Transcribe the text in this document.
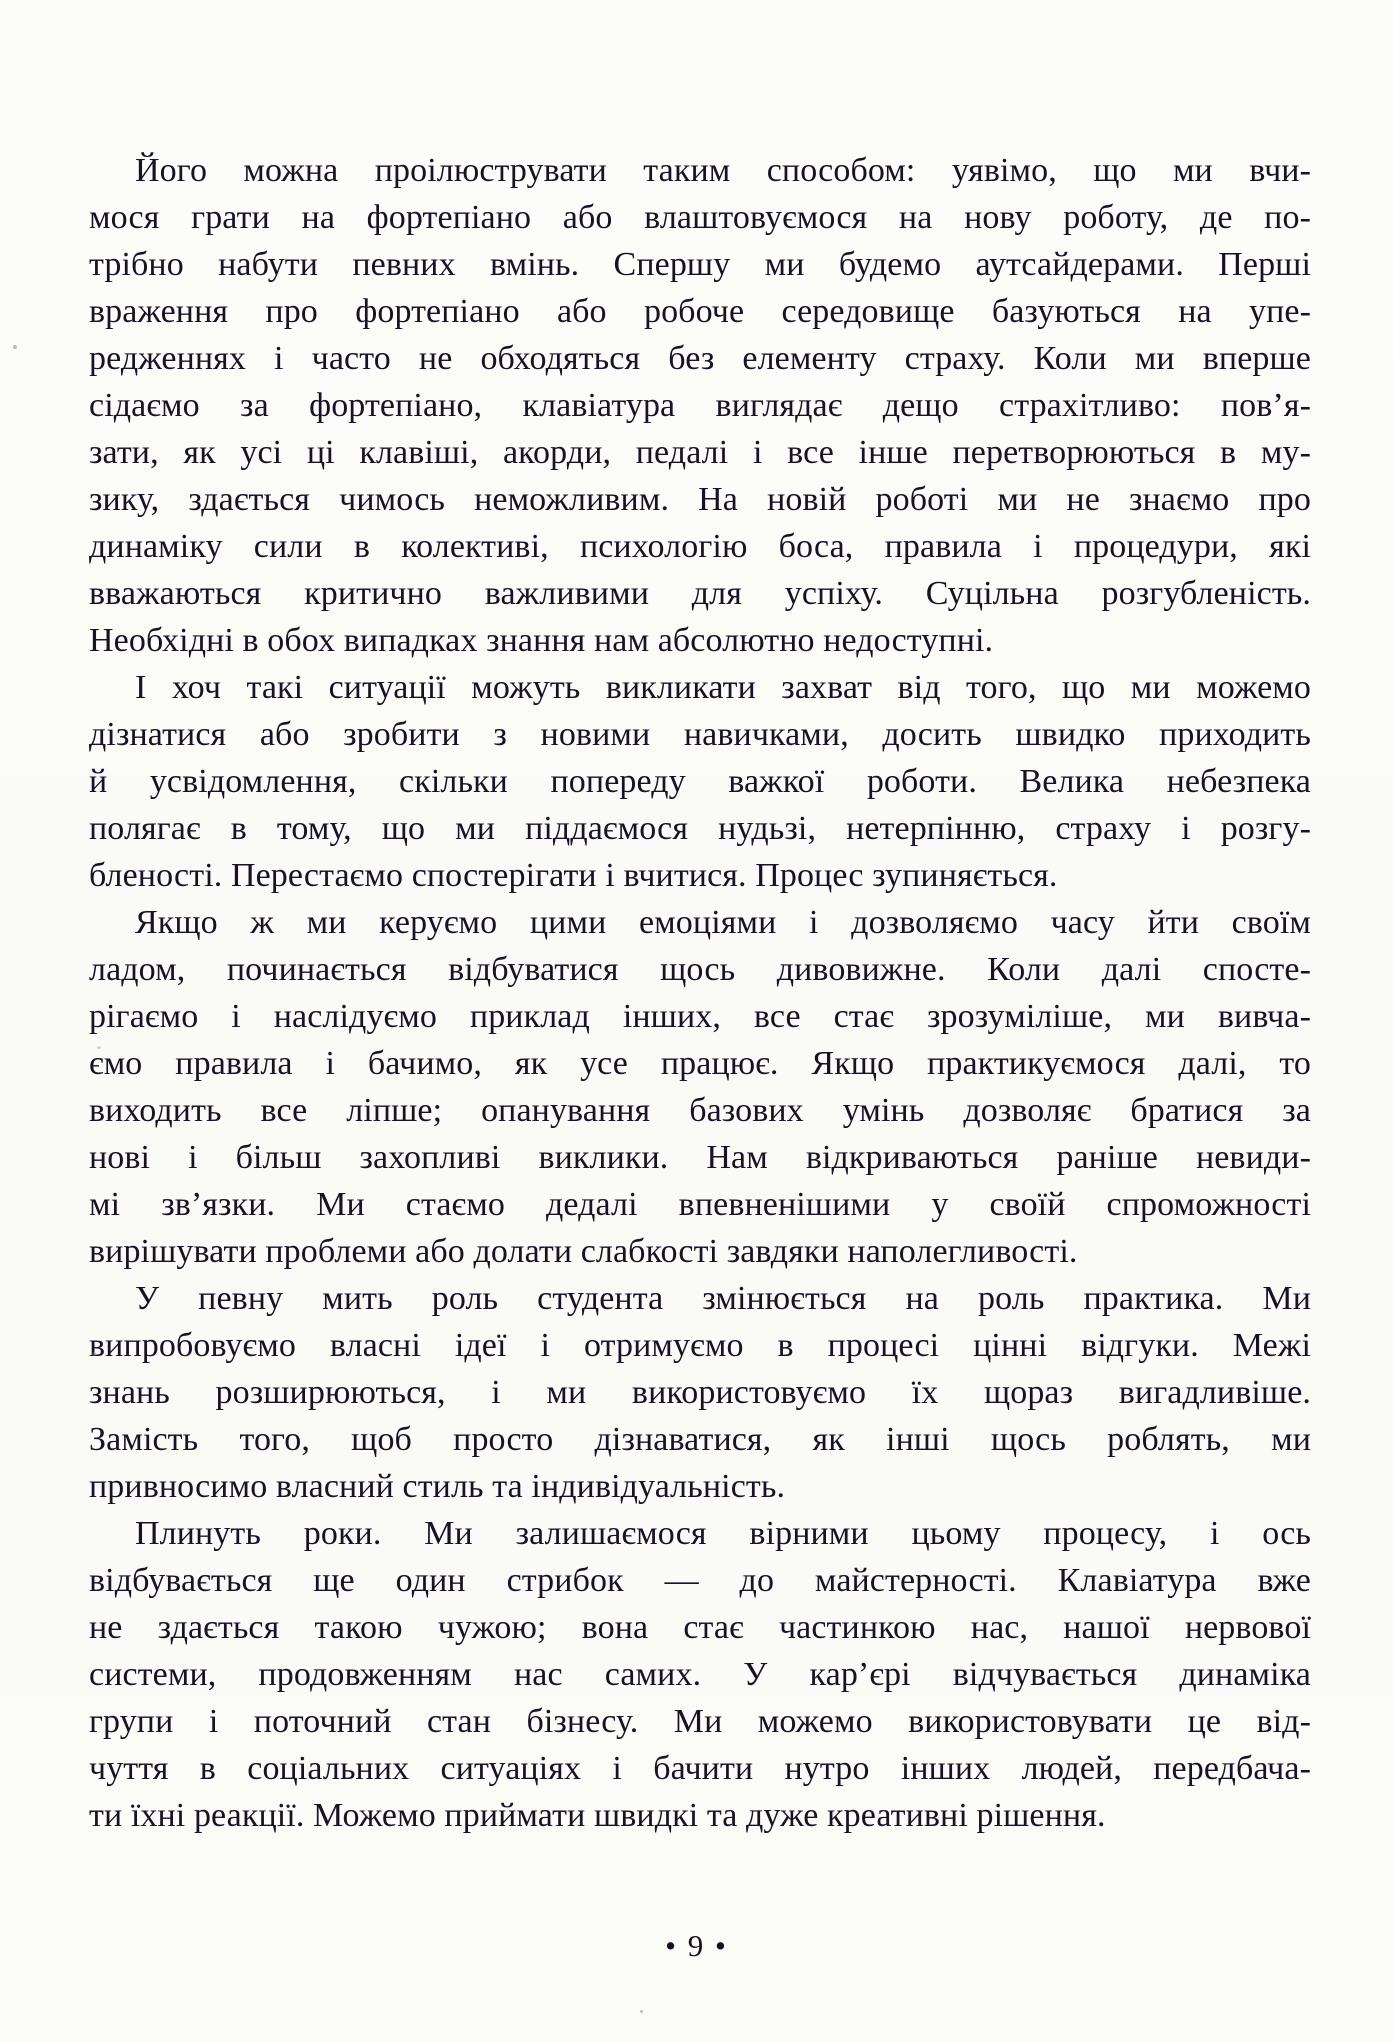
Його можна проілюструвати таким способом: уявімо, що ми вчи-
мося грати на фортепіано або влаштовуємося на нову роботу, де по-
трібно набути певних вмінь. Спершу ми будемо аутсайдерами. Перші
враження про фортепіано або робоче середовище базуються на упе-
редженнях і часто не обходяться без елементу страху. Коли ми вперше
сідаємо за фортепіано, клавіатура виглядає дещо страхітливо: пов’я-
зати, як усі ці клавіші, акорди, педалі і все інше перетворюються в му-
зику, здається чимось неможливим. На новій роботі ми не знаємо про
динаміку сили в колективі, психологію боса, правила і процедури, які
вважаються критично важливими для успіху. Суцільна розгубленість.
Необхідні в обох випадках знання нам абсолютно недоступні.
І хоч такі ситуації можуть викликати захват від того, що ми можемо
дізнатися або зробити з новими навичками, досить швидко приходить
й усвідомлення, скільки попереду важкої роботи. Велика небезпека
полягає в тому, що ми піддаємося нудьзі, нетерпінню, страху і розгу-
бленості. Перестаємо спостерігати і вчитися. Процес зупиняється.
Якщо ж ми керуємо цими емоціями і дозволяємо часу йти своїм
ладом, починається відбуватися щось дивовижне. Коли далі спосте-
рігаємо і наслідуємо приклад інших, все стає зрозуміліше, ми вивча-
ємо правила і бачимо, як усе працює. Якщо практикуємося далі, то
виходить все ліпше; опанування базових умінь дозволяє братися за
нові і більш захопливі виклики. Нам відкриваються раніше невиди-
мі зв’язки. Ми стаємо дедалі впевненішими у своїй спроможності
вирішувати проблеми або долати слабкості завдяки наполегливості.
У певну мить роль студента змінюється на роль практика. Ми
випробовуємо власні ідеї і отримуємо в процесі цінні відгуки. Межі
знань розширюються, і ми використовуємо їх щораз вигадливіше.
Замість того, щоб просто дізнаватися, як інші щось роблять, ми
привносимо власний стиль та індивідуальність.
Плинуть роки. Ми залишаємося вірними цьому процесу, і ось
відбувається ще один стрибок — до майстерності. Клавіатура вже
не здається такою чужою; вона стає частинкою нас, нашої нервової
системи, продовженням нас самих. У кар’єрі відчувається динаміка
групи і поточний стан бізнесу. Ми можемо використовувати це від-
чуття в соціальних ситуаціях і бачити нутро інших людей, передбача-
ти їхні реакції. Можемо приймати швидкі та дуже креативні рішення.
• 9 •
